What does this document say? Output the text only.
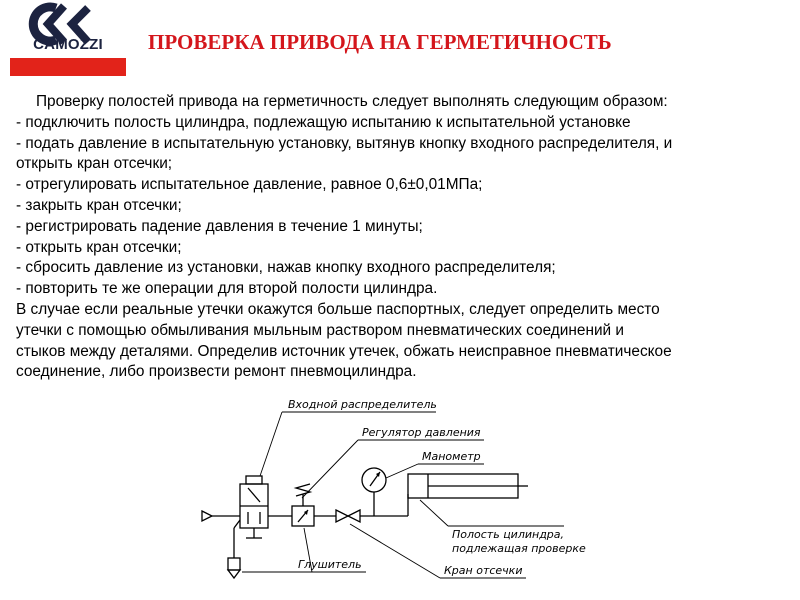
CAMOZZI	ПРОВЕРКА ПРИВОДА НА ГЕРМЕТИЧНОСТЬ

Проверку полостей привода на герметичность следует выполнять следующим образом:

- подключить полость цилиндра, подлежащую испытанию к испытательной установке

- подать давление в испытательную установку, вытянув кнопку входного распределителя, и

открыть кран отсечки;

- отрегулировать испытательное давление, равное 0,6±0,01МПа;

- закрыть кран отсечки;

- регистрировать падение давления в течение 1 минуты;

- открыть кран отсечки;

- сбросить давление из установки, нажав кнопку входного распределителя;

- повторить те же операции для второй полости цилиндра.

В случае если реальные утечки окажутся больше паспортных, следует определить место

утечки с помощью обмыливания мыльным раствором пневматических соединений и

стыков между деталями. Определив источник утечек, обжать неисправное пневматическое

соединение, либо произвести ремонт пневмоцилиндра.

Входной распределитель
Регулятор давления
Манометр
Полость цилиндра,
подлежащая проверке
Глушитель	Кран отсечки
